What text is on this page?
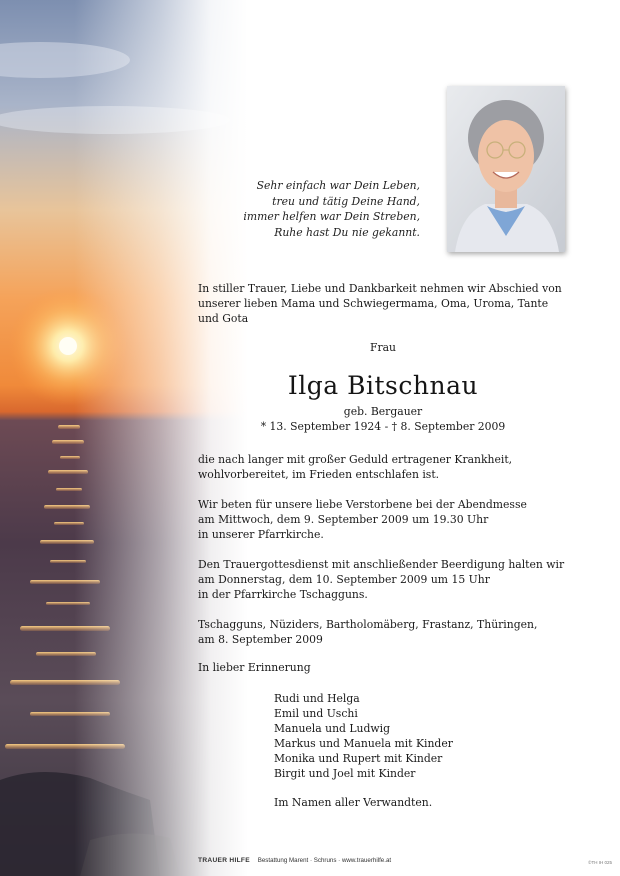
Sehr einfach war Dein Leben,
treu und tätig Deine Hand,
immer helfen war Dein Streben,
Ruhe hast Du nie gekannt.
In stiller Trauer, Liebe und Dankbarkeit nehmen wir Abschied von unserer lieben Mama und Schwiegermama, Oma, Uroma, Tante und Gota
Frau
Ilga Bitschnau
geb. Bergauer
* 13. September 1924 - † 8. September 2009
die nach langer mit großer Geduld ertragener Krankheit,
wohlvorbereitet, im Frieden entschlafen ist.
Wir beten für unsere liebe Verstorbene bei der Abendmesse
am Mittwoch, dem 9. September 2009 um 19.30 Uhr
in unserer Pfarrkirche.
Den Trauergottesdienst mit anschließender Beerdigung halten wir
am Donnerstag, dem 10. September 2009 um 15 Uhr
in der Pfarrkirche Tschagguns.
Tschagguns, Nüziders, Bartholomäberg, Frastanz, Thüringen,
am 8. September 2009
In lieber Erinnerung
Rudi und Helga
Emil und Uschi
Manuela und Ludwig
Markus und Manuela mit Kinder
Monika und Rupert mit Kinder
Birgit und Joel mit Kinder
Im Namen aller Verwandten.
TRAUER HILFE Bestattung Marent · Schruns · www.trauerhilfe.at	©TH IH 025
